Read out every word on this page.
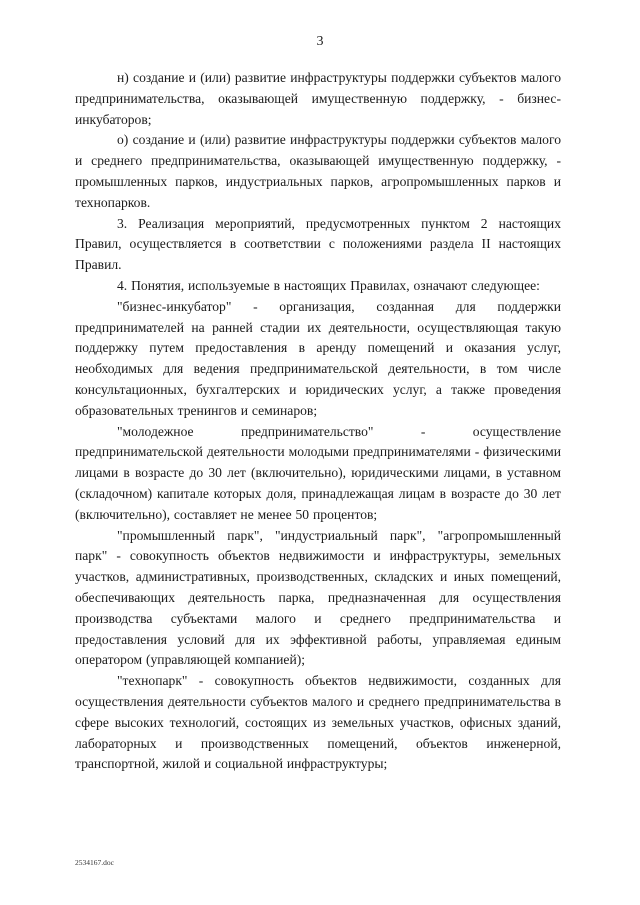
3

н) создание и (или) развитие инфраструктуры поддержки субъектов малого предпринимательства, оказывающей имущественную поддержку, - бизнес-инкубаторов;

о) создание и (или) развитие инфраструктуры поддержки субъектов малого и среднего предпринимательства, оказывающей имущественную поддержку, - промышленных парков, индустриальных парков, агропромышленных парков и технопарков.

3. Реализация мероприятий, предусмотренных пунктом 2 настоящих Правил, осуществляется в соответствии с положениями раздела II настоящих Правил.

4. Понятия, используемые в настоящих Правилах, означают следующее:

"бизнес-инкубатор" - организация, созданная для поддержки предпринимателей на ранней стадии их деятельности, осуществляющая такую поддержку путем предоставления в аренду помещений и оказания услуг, необходимых для ведения предпринимательской деятельности, в том числе консультационных, бухгалтерских и юридических услуг, а также проведения образовательных тренингов и семинаров;

"молодежное предпринимательство" - осуществление предпринимательской деятельности молодыми предпринимателями - физическими лицами в возрасте до 30 лет (включительно), юридическими лицами, в уставном (складочном) капитале которых доля, принадлежащая лицам в возрасте до 30 лет (включительно), составляет не менее 50 процентов;

"промышленный парк", "индустриальный парк", "агропромышленный парк" - совокупность объектов недвижимости и инфраструктуры, земельных участков, административных, производственных, складских и иных помещений, обеспечивающих деятельность парка, предназначенная для осуществления производства субъектами малого и среднего предпринимательства и предоставления условий для их эффективной работы, управляемая единым оператором (управляющей компанией);

"технопарк" - совокупность объектов недвижимости, созданных для осуществления деятельности субъектов малого и среднего предпринимательства в сфере высоких технологий, состоящих из земельных участков, офисных зданий, лабораторных и производственных помещений, объектов инженерной, транспортной, жилой и социальной инфраструктуры;

2534167.doc
